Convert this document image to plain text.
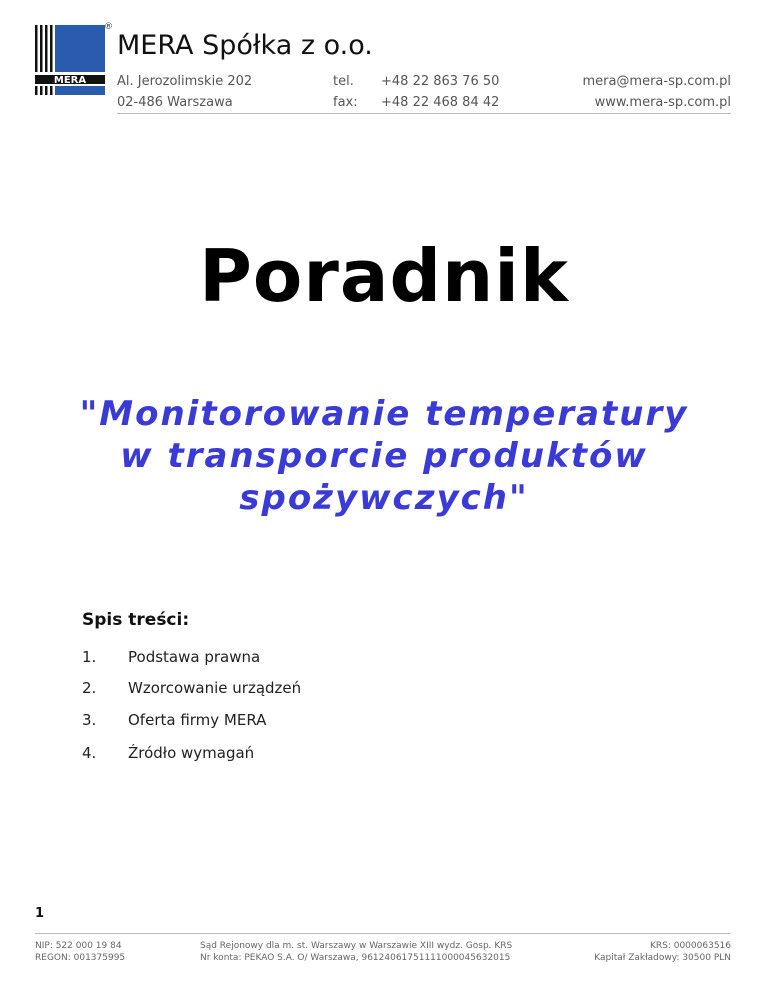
MERA
®
MERA Spółka z o.o.
Al. Jerozolimskie 202
02-486 Warszawa
tel.
fax:
+48 22 863 76 50
+48 22 468 84 42
mera@mera-sp.com.pl
www.mera-sp.com.pl
Poradnik
"Monitorowanie temperatury
w transporcie produktów
spożywczych"
Spis treści:
1. Podstawa prawna
2. Wzorcowanie urządzeń
3. Oferta firmy MERA
4. Źródło wymagań
1
NIP: 522 000 19 84
REGON: 001375995
Sąd Rejonowy dla m. st. Warszawy w Warszawie XIII wydz. Gosp. KRS
Nr konta: PEKAO S.A. O/ Warszawa, 96124061751111000045632015
KRS: 0000063516
Kapitał Zakładowy: 30500 PLN
